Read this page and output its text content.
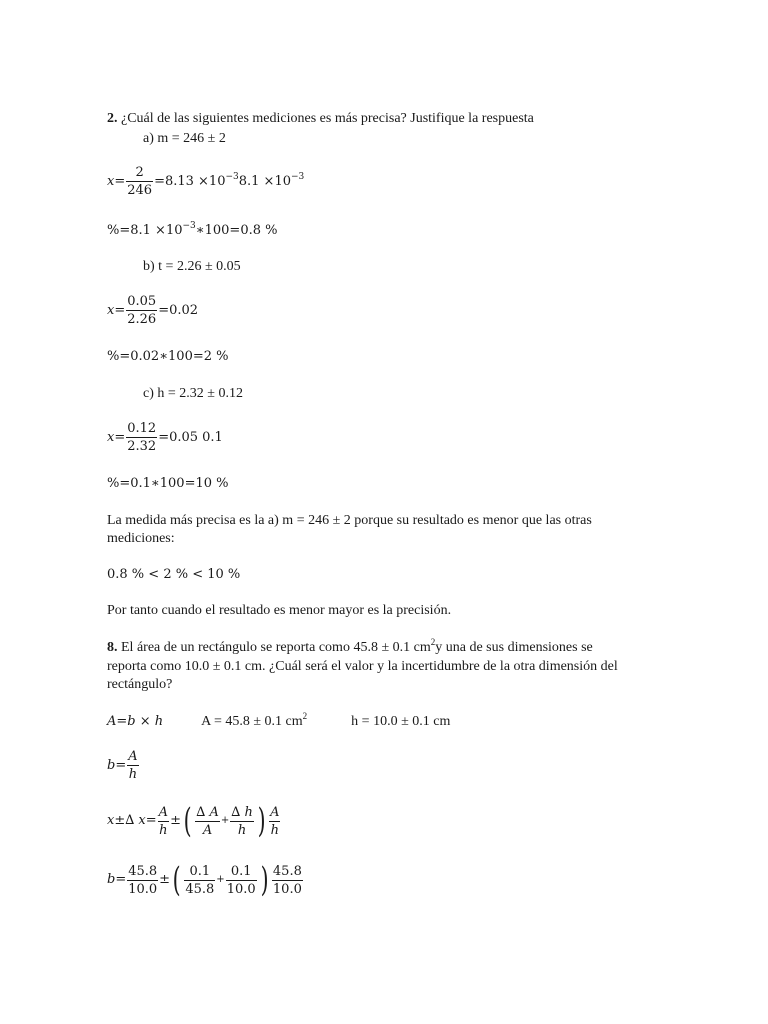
2. ¿Cuál de las siguientes mediciones es más precisa? Justifique la respuesta
a) m = 246 ± 2
$x= \frac{2}{246} =8.13 \times 10^{-3}8.1 \times 10^{-3}$
$\%=8.1 \times 10^{-3}∗100=0.8$ %
b) t = 2.26 ± 0.05
$x= \frac{0.05}{2.26} =0.02$
%=0.02∗100=2 %
c) h = 2.32 ± 0.12
$x= \frac{0.12}{2.32} =0.05$ 0.1
%=0.1∗100=10 %
La medida más precisa es la a) m = 246 ± 2 porque su resultado es menor que las otras
mediciones:
0.8 % < 2 % < 10 %
Por tanto cuando el resultado es menor mayor es la precisión.
8. El área de un rectángulo se reporta como 45.8 ± 0.1 $cm^2y$ una de sus dimensiones se
reporta como 10.0 ± 0.1 cm. ¿Cuál será el valor y la incertidumbre de la otra dimensión del
rectángulo?
A=b × h	A = 45.8 ± 0.1 $cm^2$	h = 10.0 ± 0.1 cm
$b= \frac{A}{h}$
x±∆ $x= \frac{A}{h}$ ± ( $\frac{\Delta A}{A} + \frac{\Delta h}{h}$ ) $\frac{A}{h}$
$b= \frac{45.8}{10.0}$ ± ( $\frac{0.1}{45.8} + \frac{0.1}{10.0}$ ) $\frac{45.8}{10.0}$
